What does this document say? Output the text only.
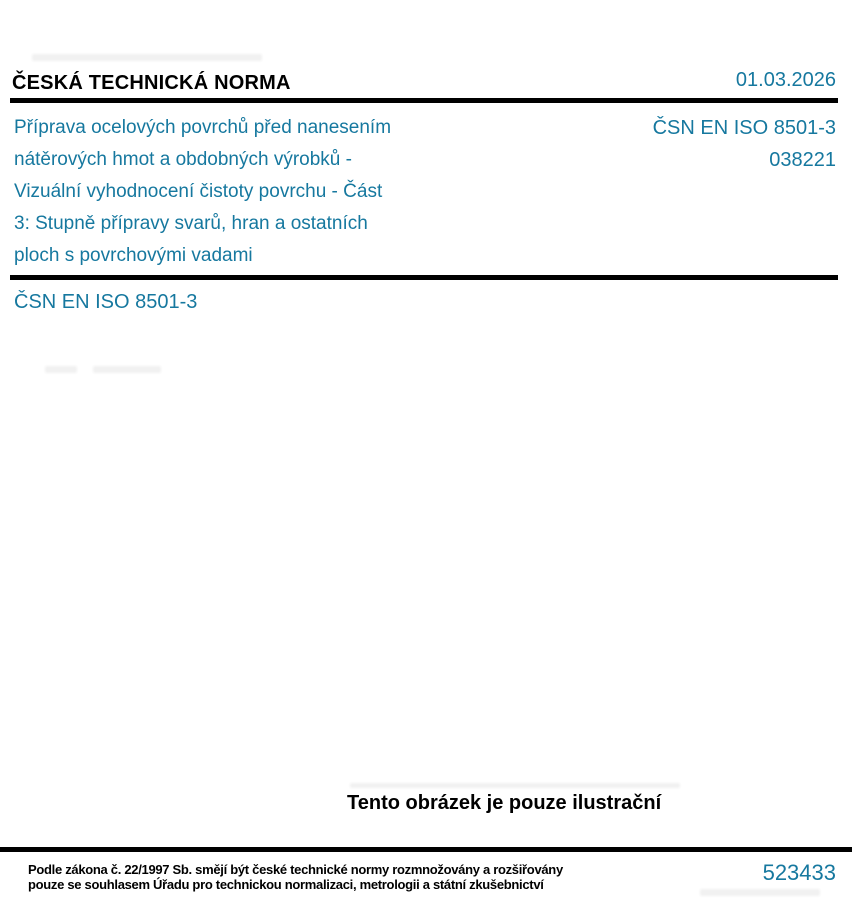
ČESKÁ TECHNICKÁ NORMA	01.03.2026
Příprava ocelových povrchů před nanesením
nátěrových hmot a obdobných výrobků -
Vizuální vyhodnocení čistoty povrchu - Část
3: Stupně přípravy svarů, hran a ostatních
ploch s povrchovými vadami
ČSN EN ISO 8501-3
038221
ČSN EN ISO 8501-3
Tento obrázek je pouze ilustrační
Podle zákona č. 22/1997 Sb. smějí být české technické normy rozmnožovány a rozšiřovány
pouze se souhlasem Úřadu pro technickou normalizaci, metrologii a státní zkušebnictví	523433
